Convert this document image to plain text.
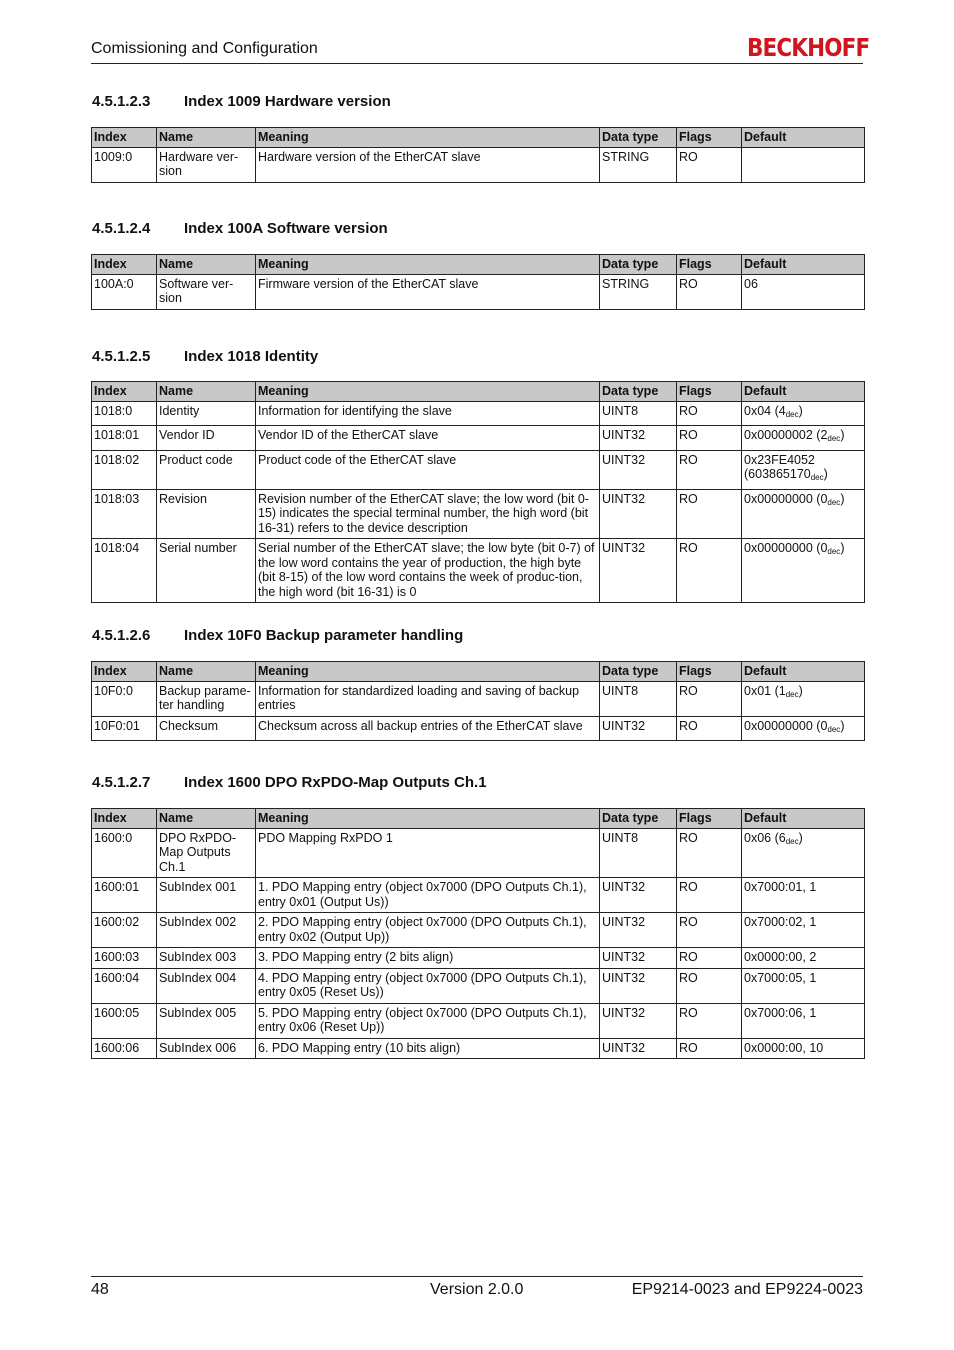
Comissioning and Configuration	BECKHOFF
4.5.1.2.3 Index 1009 Hardware version
Index	Name	Meaning	Data type	Flags	Default
1009:0	Hardware ver-sion	Hardware version of the EtherCAT slave	STRING	RO	
4.5.1.2.4 Index 100A Software version
Index	Name	Meaning	Data type	Flags	Default
100A:0	Software ver-sion	Firmware version of the EtherCAT slave	STRING	RO	06
4.5.1.2.5 Index 1018 Identity
Index	Name	Meaning	Data type	Flags	Default
1018:0	Identity	Information for identifying the slave	UINT8	RO	0x04 $(4_{dec})$
1018:01	Vendor ID	Vendor ID of the EtherCAT slave	UINT32	RO	0x00000002 $(2_{dec})$
1018:02	Product code	Product code of the EtherCAT slave	UINT32	RO	0x23FE4052 $(603865170_{dec})$
1018:03	Revision	Revision number of the EtherCAT slave; the low word (bit 0-15) indicates the special terminal number, the high word (bit 16-31) refers to the device description	UINT32	RO	0x00000000 $(0_{dec})$
1018:04	Serial number	Serial number of the EtherCAT slave; the low byte (bit 0-7) of the low word contains the year of production, the high byte (bit 8-15) of the low word contains the week of produc-tion, the high word (bit 16-31) is 0	UINT32	RO	0x00000000 $(0_{dec})$
4.5.1.2.6 Index 10F0 Backup parameter handling
Index	Name	Meaning	Data type	Flags	Default
10F0:0	Backup parame-ter handling	Information for standardized loading and saving of backup entries	UINT8	RO	0x01 $(1_{dec})$
10F0:01	Checksum	Checksum across all backup entries of the EtherCAT slave	UINT32	RO	0x00000000 $(0_{dec})$
4.5.1.2.7 Index 1600 DPO RxPDO-Map Outputs Ch.1
Index	Name	Meaning	Data type	Flags	Default
1600:0	DPO RxPDO-Map Outputs Ch.1	PDO Mapping RxPDO 1	UINT8	RO	0x06 $(6_{dec})$
1600:01	SubIndex 001	1. PDO Mapping entry (object 0x7000 (DPO Outputs Ch.1), entry 0x01 (Output Us))	UINT32	RO	0x7000:01, 1
1600:02	SubIndex 002	2. PDO Mapping entry (object 0x7000 (DPO Outputs Ch.1), entry 0x02 (Output Up))	UINT32	RO	0x7000:02, 1
1600:03	SubIndex 003	3. PDO Mapping entry (2 bits align)	UINT32	RO	0x0000:00, 2
1600:04	SubIndex 004	4. PDO Mapping entry (object 0x7000 (DPO Outputs Ch.1), entry 0x05 (Reset Us))	UINT32	RO	0x7000:05, 1
1600:05	SubIndex 005	5. PDO Mapping entry (object 0x7000 (DPO Outputs Ch.1), entry 0x06 (Reset Up))	UINT32	RO	0x7000:06, 1
1600:06	SubIndex 006	6. PDO Mapping entry (10 bits align)	UINT32	RO	0x0000:00, 10
48	Version 2.0.0	EP9214-0023 and EP9224-0023
